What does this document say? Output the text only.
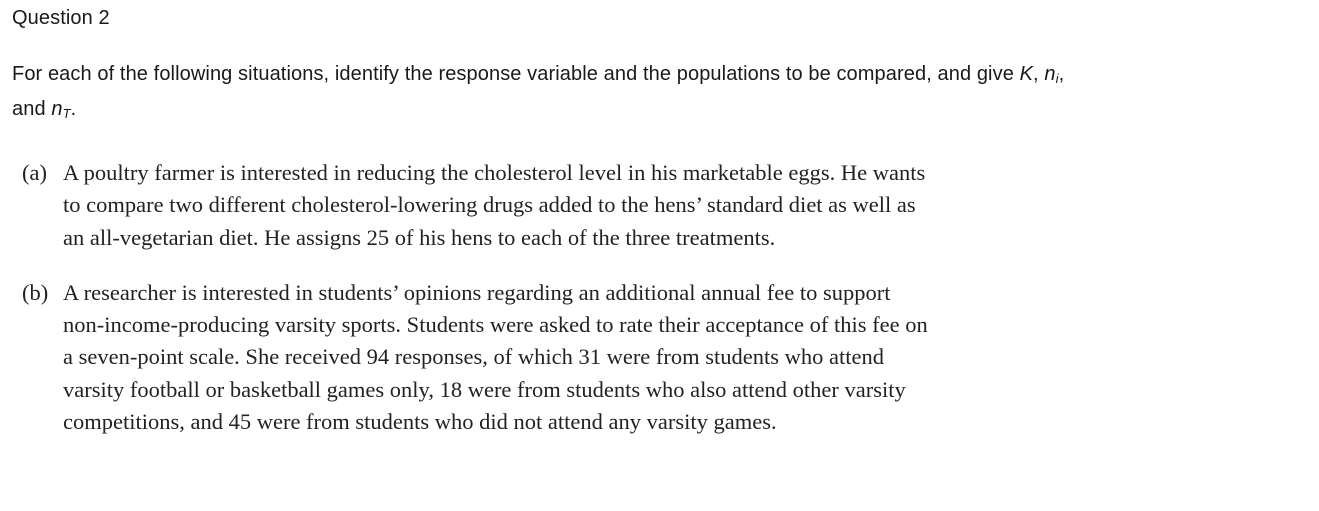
Question 2
For each of the following situations, identify the response variable and the populations to be compared, and give K, $n_i$,
and $n_T$.
(a) A poultry farmer is interested in reducing the cholesterol level in his marketable eggs. He wants
to compare two different cholesterol-lowering drugs added to the hens’ standard diet as well as
an all-vegetarian diet. He assigns 25 of his hens to each of the three treatments.
(b) A researcher is interested in students’ opinions regarding an additional annual fee to support
non-income-producing varsity sports. Students were asked to rate their acceptance of this fee on
a seven-point scale. She received 94 responses, of which 31 were from students who attend
varsity football or basketball games only, 18 were from students who also attend other varsity
competitions, and 45 were from students who did not attend any varsity games.
